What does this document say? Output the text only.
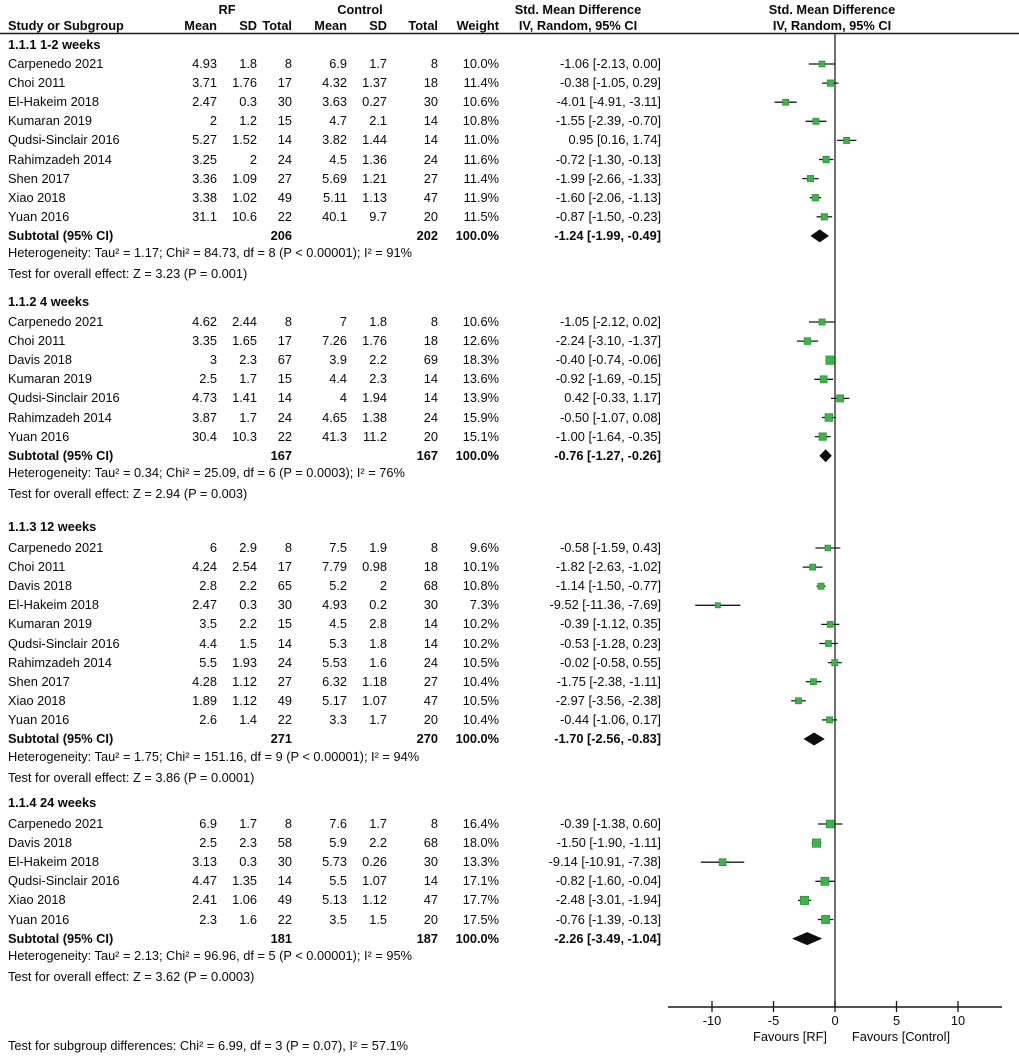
RF	Control	Std. Mean Difference	Std. Mean Difference
Study or Subgroup	Mean SD Total Mean SD Total Weight IV, Random, 95% CI	IV, Random, 95% CI
1.1.1 1-2 weeks
Carpenedo 2021	4.93 1.8 8	6.9 1.7	8 10.0%	-1.06 [-2.13, 0.00]
Choi 2011	3.71 1.76 17 4.32 1.37	18 11.4%	-0.38 [-1.05, 0.29]
El-Hakeim 2018	2.47 0.3 30 3.63 0.27	30 10.6%	-4.01 [-4.91, -3.11]
Kumaran 2019	2 1.2 15	4.7 2.1	14 10.8%	-1.55 [-2.39, -0.70]
Qudsi-Sinclair 2016	5.27 1.52 14 3.82 1.44	14 11.0%	0.95 [0.16, 1.74]
Rahimzadeh 2014	3.25	2 24	4.5 1.36	24 11.6%	-0.72 [-1.30, -0.13]
Shen 2017	3.36 1.09 27 5.69 1.21	27 11.4%	-1.99 [-2.66, -1.33]
Xiao 2018	3.38 1.02 49 5.11 1.13	47 11.9%	-1.60 [-2.06, -1.13]
Yuan 2016	31.1 10.6 22 40.1 9.7	20 11.5%	-0.87 [-1.50, -0.23]
Subtotal (95% CI)	206	202 100.0%	-1.24 [-1.99, -0.49]
Heterogeneity: Tau² = 1.17; Chi² = 84.73, df = 8 (P < 0.00001); I² = 91%
Test for overall effect: Z = 3.23 (P = 0.001)
1.1.2 4 weeks
Carpenedo 2021	4.62 2.44 8	7 1.8	8 10.6%	-1.05 [-2.12, 0.02]
Choi 2011	3.35 1.65 17 7.26 1.76	18 12.6%	-2.24 [-3.10, -1.37]
Davis 2018	3 2.3 67	3.9 2.2	69 18.3%	-0.40 [-0.74, -0.06]
Kumaran 2019	2.5 1.7 15	4.4 2.3	14 13.6%	-0.92 [-1.69, -0.15]
Qudsi-Sinclair 2016	4.73 1.41 14	4 1.94	14 13.9%	0.42 [-0.33, 1.17]
Rahimzadeh 2014	3.87 1.7 24 4.65 1.38	24 15.9%	-0.50 [-1.07, 0.08]
Yuan 2016	30.4 10.3 22 41.3 11.2	20 15.1%	-1.00 [-1.64, -0.35]
Subtotal (95% CI)	167	167 100.0%	-0.76 [-1.27, -0.26]
Heterogeneity: Tau² = 0.34; Chi² = 25.09, df = 6 (P = 0.0003); I² = 76%
Test for overall effect: Z = 2.94 (P = 0.003)
1.1.3 12 weeks
Carpenedo 2021	6 2.9 8	7.5 1.9	8 9.6%	-0.58 [-1.59, 0.43]
Choi 2011	4.24 2.54 17 7.79 0.98	18 10.1%	-1.82 [-2.63, -1.02]
Davis 2018	2.8 2.2 65	5.2	2	68 10.8%	-1.14 [-1.50, -0.77]
El-Hakeim 2018	2.47 0.3 30 4.93 0.2	30 7.3%	-9.52 [-11.36, -7.69]
Kumaran 2019	3.5 2.2 15	4.5 2.8	14 10.2%	-0.39 [-1.12, 0.35]
Qudsi-Sinclair 2016	4.4 1.5 14	5.3 1.8	14 10.2%	-0.53 [-1.28, 0.23]
Rahimzadeh 2014	5.5 1.93 24 5.53 1.6	24 10.5%	-0.02 [-0.58, 0.55]
Shen 2017	4.28 1.12 27 6.32 1.18	27 10.4%	-1.75 [-2.38, -1.11]
Xiao 2018	1.89 1.12 49 5.17 1.07	47 10.5%	-2.97 [-3.56, -2.38]
Yuan 2016	2.6 1.4 22	3.3 1.7	20 10.4%	-0.44 [-1.06, 0.17]
Subtotal (95% CI)	271	270 100.0%	-1.70 [-2.56, -0.83]
Heterogeneity: Tau² = 1.75; Chi² = 151.16, df = 9 (P < 0.00001); I² = 94%
Test for overall effect: Z = 3.86 (P = 0.0001)
1.1.4 24 weeks
Carpenedo 2021	6.9 1.7 8	7.6 1.7	8 16.4%	-0.39 [-1.38, 0.60]
Davis 2018	2.5 2.3 58	5.9 2.2	68 18.0%	-1.50 [-1.90, -1.11]
El-Hakeim 2018	3.13 0.3 30 5.73 0.26	30 13.3%	-9.14 [-10.91, -7.38]
Qudsi-Sinclair 2016	4.47 1.35 14	5.5 1.07	14 17.1%	-0.82 [-1.60, -0.04]
Xiao 2018	2.41 1.06 49 5.13 1.12	47 17.7%	-2.48 [-3.01, -1.94]
Yuan 2016	2.3 1.6 22	3.5 1.5	20 17.5%	-0.76 [-1.39, -0.13]
Subtotal (95% CI)	181	187 100.0%	-2.26 [-3.49, -1.04]
Heterogeneity: Tau² = 2.13; Chi² = 96.96, df = 5 (P < 0.00001); I² = 95%
Test for overall effect: Z = 3.62 (P = 0.0003)
-10	-5	0	5	10
Favours [RF] Favours [Control]
Test for subgroup differences: Chi² = 6.99, df = 3 (P = 0.07), I² = 57.1%
